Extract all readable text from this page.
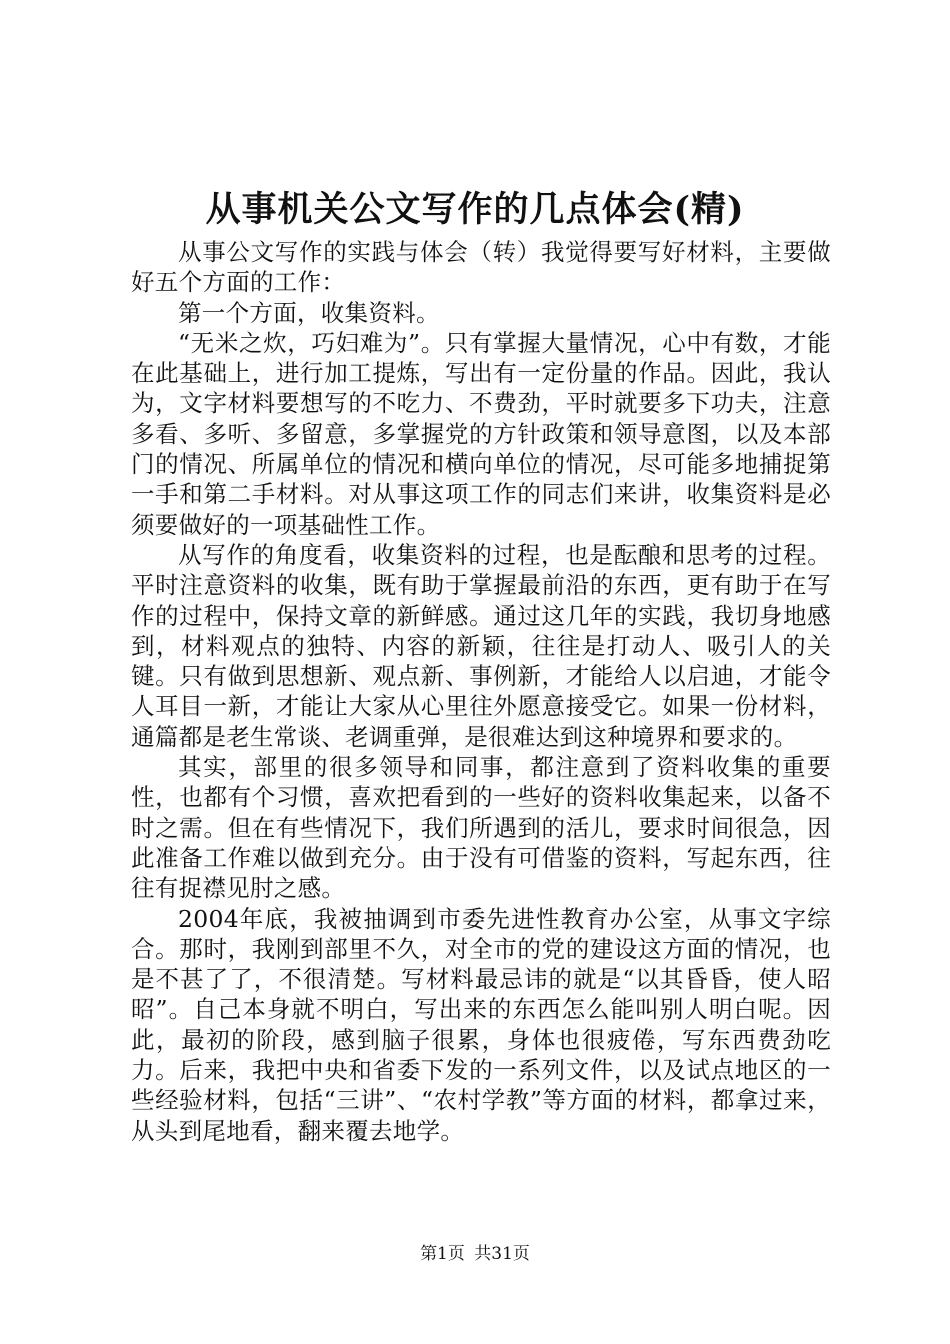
从事机关公文写作的几点体会(精)

从事公文写作的实践与体会（转）我觉得要写好材料，主要做好五个方面的工作：

第一个方面，收集资料。

“无米之炊，巧妇难为”。只有掌握大量情况，心中有数，才能在此基础上，进行加工提炼，写出有一定份量的作品。因此，我认为，文字材料要想写的不吃力、不费劲，平时就要多下功夫，注意多看、多听、多留意，多掌握党的方针政策和领导意图，以及本部门的情况、所属单位的情况和横向单位的情况，尽可能多地捕捉第一手和第二手材料。对从事这项工作的同志们来讲，收集资料是必须要做好的一项基础性工作。

从写作的角度看，收集资料的过程，也是酝酿和思考的过程。平时注意资料的收集，既有助于掌握最前沿的东西，更有助于在写作的过程中，保持文章的新鲜感。通过这几年的实践，我切身地感到，材料观点的独特、内容的新颖，往往是打动人、吸引人的关键。只有做到思想新、观点新、事例新，才能给人以启迪，才能令人耳目一新，才能让大家从心里往外愿意接受它。如果一份材料，通篇都是老生常谈、老调重弹，是很难达到这种境界和要求的。

其实，部里的很多领导和同事，都注意到了资料收集的重要性，也都有个习惯，喜欢把看到的一些好的资料收集起来，以备不时之需。但在有些情况下，我们所遇到的活儿，要求时间很急，因此准备工作难以做到充分。由于没有可借鉴的资料，写起东西，往往有捉襟见肘之感。

2004年底，我被抽调到市委先进性教育办公室，从事文字综合。那时，我刚到部里不久，对全市的党的建设这方面的情况，也是不甚了了，不很清楚。写材料最忌讳的就是“以其昏昏，使人昭昭”。自己本身就不明白，写出来的东西怎么能叫别人明白呢。因此，最初的阶段，感到脑子很累，身体也很疲倦，写东西费劲吃力。后来，我把中央和省委下发的一系列文件，以及试点地区的一些经验材料，包括“三讲”、“农村学教”等方面的材料，都拿过来，从头到尾地看，翻来覆去地学。

第1页 共31页
